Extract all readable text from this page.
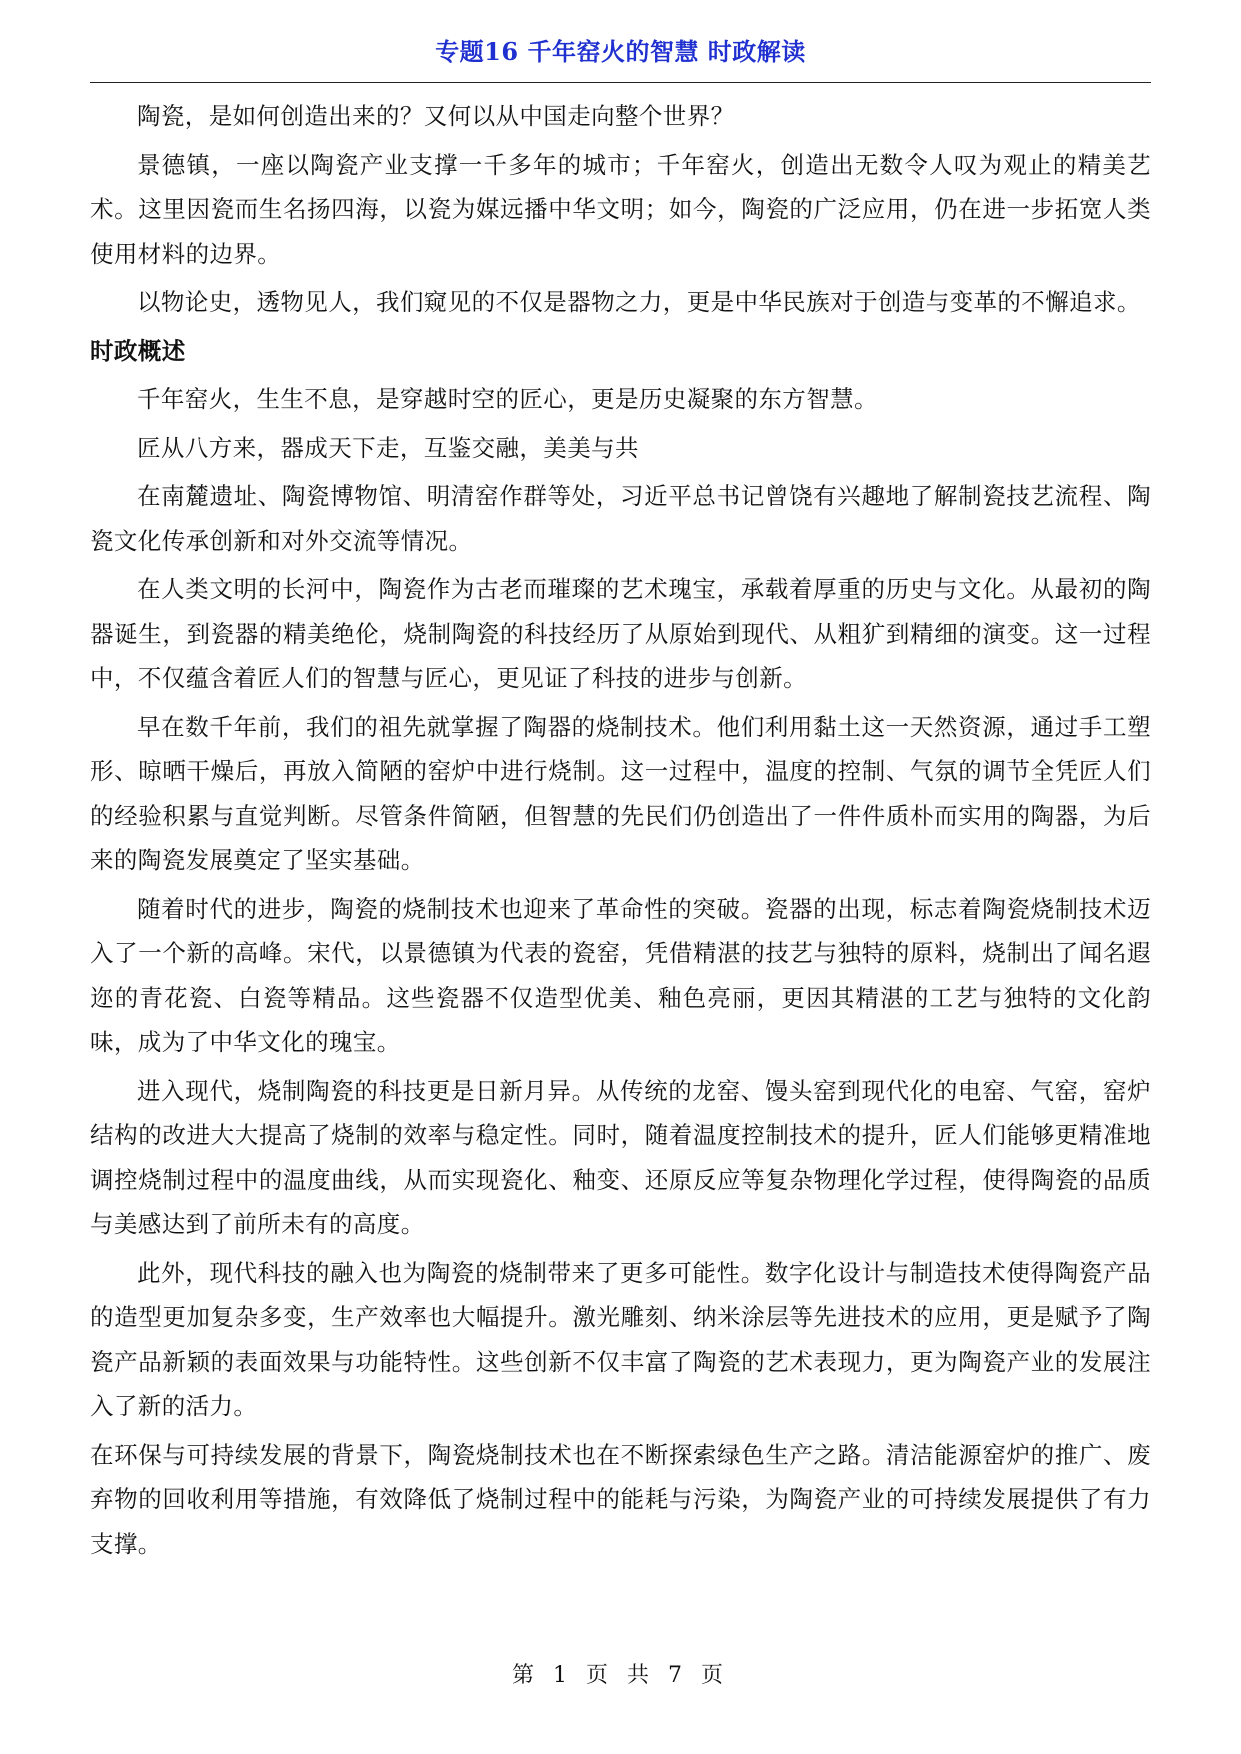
专题16 千年窑火的智慧 时政解读

陶瓷，是如何创造出来的？又何以从中国走向整个世界？

景德镇，一座以陶瓷产业支撑一千多年的城市；千年窑火，创造出无数令人叹为观止的精美艺术。这里因瓷而生名扬四海，以瓷为媒远播中华文明；如今，陶瓷的广泛应用，仍在进一步拓宽人类使用材料的边界。

以物论史，透物见人，我们窥见的不仅是器物之力，更是中华民族对于创造与变革的不懈追求。

时政概述

千年窑火，生生不息，是穿越时空的匠心，更是历史凝聚的东方智慧。

匠从八方来，器成天下走，互鉴交融，美美与共

在南麓遗址、陶瓷博物馆、明清窑作群等处，习近平总书记曾饶有兴趣地了解制瓷技艺流程、陶瓷文化传承创新和对外交流等情况。

在人类文明的长河中，陶瓷作为古老而璀璨的艺术瑰宝，承载着厚重的历史与文化。从最初的陶器诞生，到瓷器的精美绝伦，烧制陶瓷的科技经历了从原始到现代、从粗犷到精细的演变。这一过程中，不仅蕴含着匠人们的智慧与匠心，更见证了科技的进步与创新。

早在数千年前，我们的祖先就掌握了陶器的烧制技术。他们利用黏土这一天然资源，通过手工塑形、晾晒干燥后，再放入简陋的窑炉中进行烧制。这一过程中，温度的控制、气氛的调节全凭匠人们的经验积累与直觉判断。尽管条件简陋，但智慧的先民们仍创造出了一件件质朴而实用的陶器，为后来的陶瓷发展奠定了坚实基础。

随着时代的进步，陶瓷的烧制技术也迎来了革命性的突破。瓷器的出现，标志着陶瓷烧制技术迈入了一个新的高峰。宋代，以景德镇为代表的瓷窑，凭借精湛的技艺与独特的原料，烧制出了闻名遐迩的青花瓷、白瓷等精品。这些瓷器不仅造型优美、釉色亮丽，更因其精湛的工艺与独特的文化韵味，成为了中华文化的瑰宝。

进入现代，烧制陶瓷的科技更是日新月异。从传统的龙窑、馒头窑到现代化的电窑、气窑，窑炉结构的改进大大提高了烧制的效率与稳定性。同时，随着温度控制技术的提升，匠人们能够更精准地调控烧制过程中的温度曲线，从而实现瓷化、釉变、还原反应等复杂物理化学过程，使得陶瓷的品质与美感达到了前所未有的高度。

此外，现代科技的融入也为陶瓷的烧制带来了更多可能性。数字化设计与制造技术使得陶瓷产品的造型更加复杂多变，生产效率也大幅提升。激光雕刻、纳米涂层等先进技术的应用，更是赋予了陶瓷产品新颖的表面效果与功能特性。这些创新不仅丰富了陶瓷的艺术表现力，更为陶瓷产业的发展注入了新的活力。

在环保与可持续发展的背景下，陶瓷烧制技术也在不断探索绿色生产之路。清洁能源窑炉的推广、废弃物的回收利用等措施，有效降低了烧制过程中的能耗与污染，为陶瓷产业的可持续发展提供了有力支撑。

第 1 页 共 7 页
